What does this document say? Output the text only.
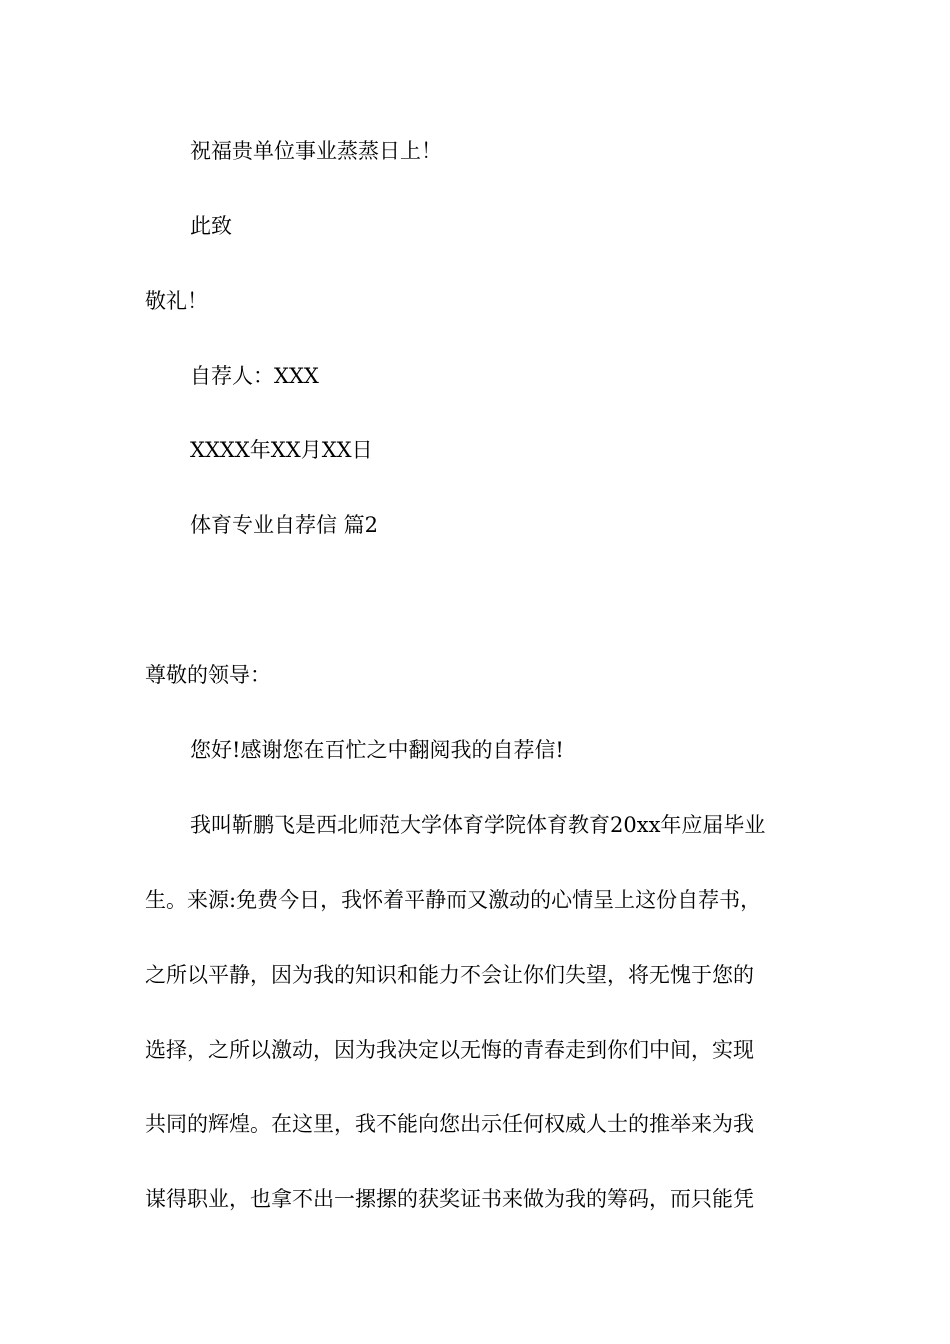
祝福贵单位事业蒸蒸日上！
此致
敬礼！
自荐人：XXX
XXXX年XX月XX日
体育专业自荐信 篇2
尊敬的领导：
您好!感谢您在百忙之中翻阅我的自荐信!
我叫靳鹏飞是西北师范大学体育学院体育教育20xx年应届毕业
生。来源:免费今日，我怀着平静而又激动的心情呈上这份自荐书，
之所以平静，因为我的知识和能力不会让你们失望，将无愧于您的
选择，之所以激动，因为我决定以无悔的青春走到你们中间，实现
共同的辉煌。在这里，我不能向您出示任何权威人士的推举来为我
谋得职业，也拿不出一摞摞的获奖证书来做为我的筹码，而只能凭
